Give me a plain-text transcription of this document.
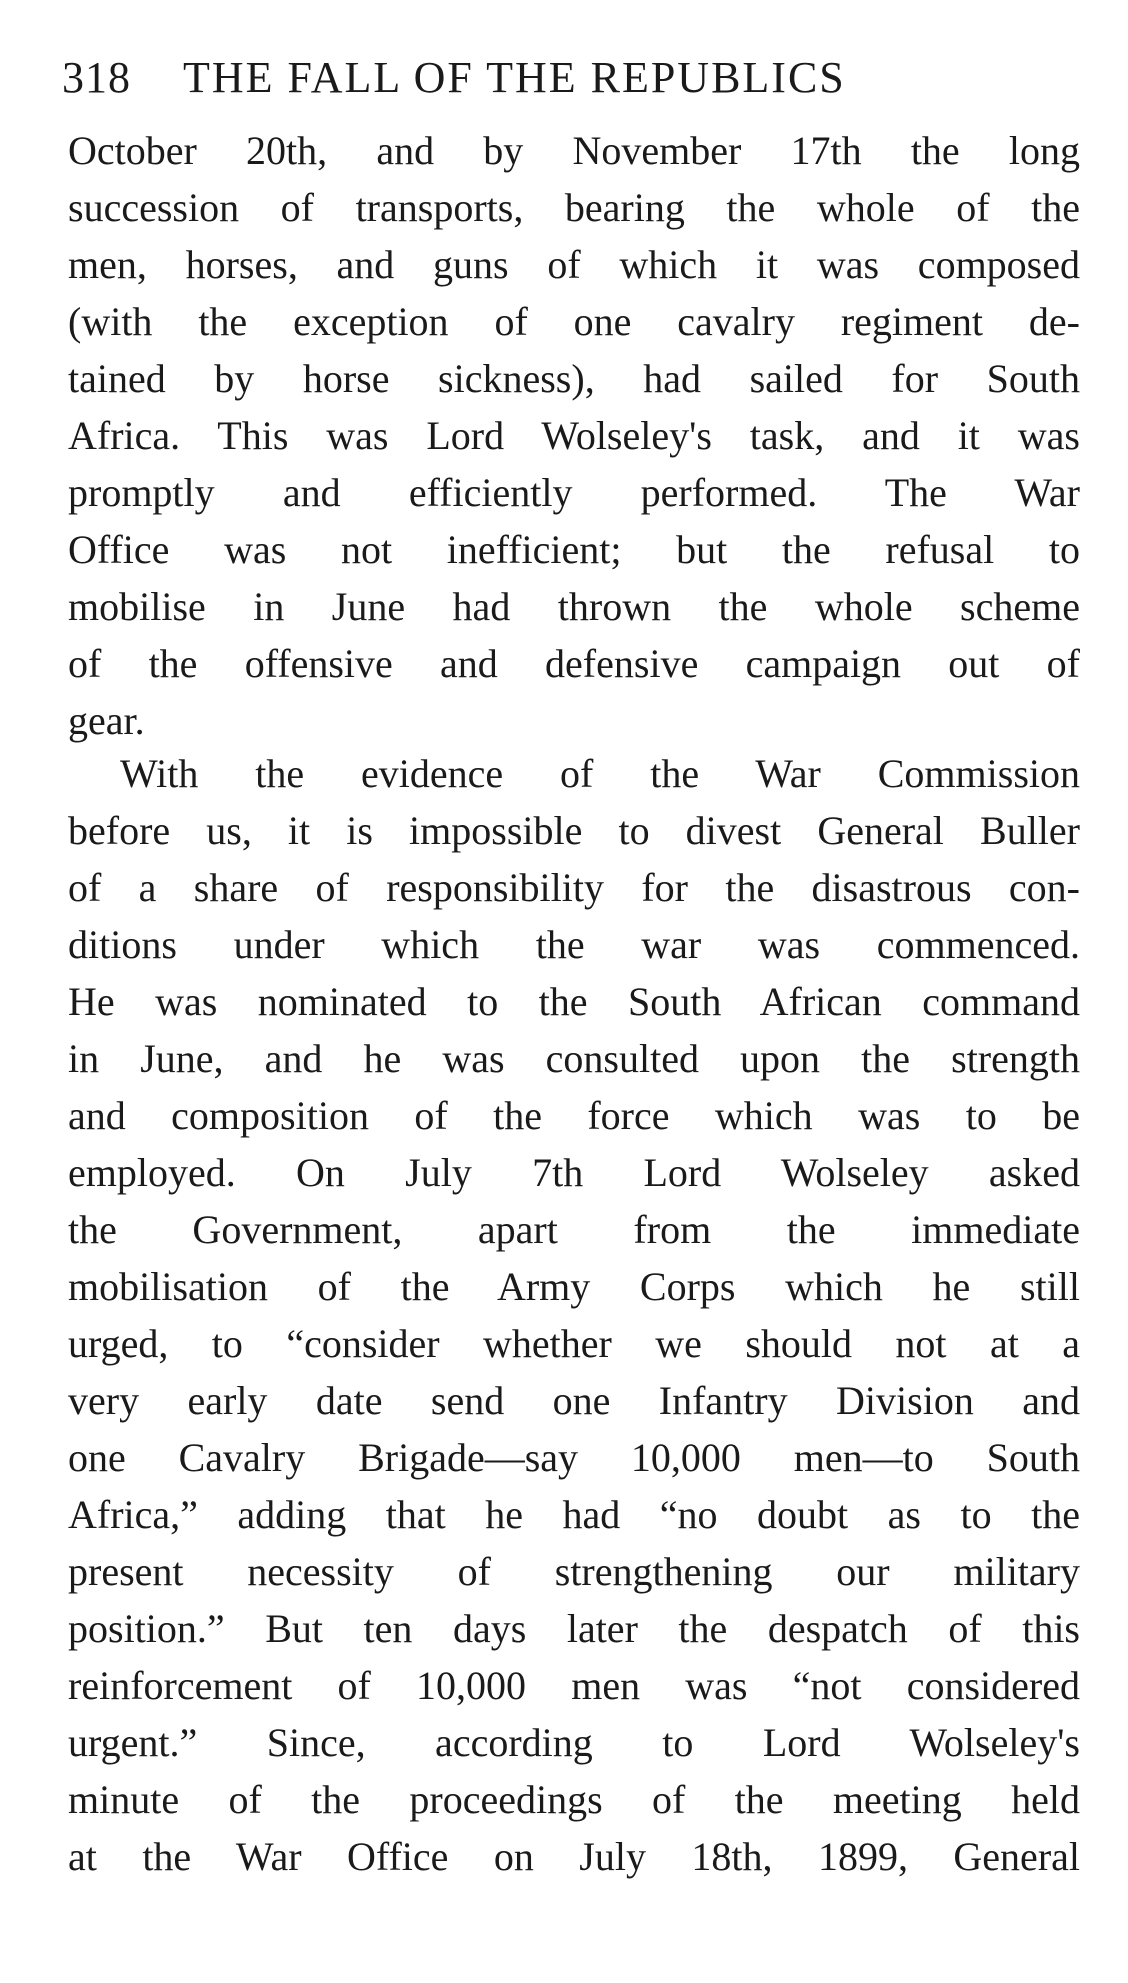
318 THE FALL OF THE REPUBLICS
October 20th, and by November 17th the long
succession of transports, bearing the whole of the
men, horses, and guns of which it was composed
(with the exception of one cavalry regiment de-
tained by horse sickness), had sailed for South
Africa. This was Lord Wolseley's task, and it was
promptly and efficiently performed. The War
Office was not inefficient; but the refusal to
mobilise in June had thrown the whole scheme
of the offensive and defensive campaign out of
gear.
With the evidence of the War Commission
before us, it is impossible to divest General Buller
of a share of responsibility for the disastrous con-
ditions under which the war was commenced.
He was nominated to the South African command
in June, and he was consulted upon the strength
and composition of the force which was to be
employed. On July 7th Lord Wolseley asked
the Government, apart from the immediate
mobilisation of the Army Corps which he still
urged, to “consider whether we should not at a
very early date send one Infantry Division and
one Cavalry Brigade—say 10,000 men—to South
Africa,” adding that he had “no doubt as to the
present necessity of strengthening our military
position.” But ten days later the despatch of this
reinforcement of 10,000 men was “not considered
urgent.” Since, according to Lord Wolseley's
minute of the proceedings of the meeting held
at the War Office on July 18th, 1899, General
